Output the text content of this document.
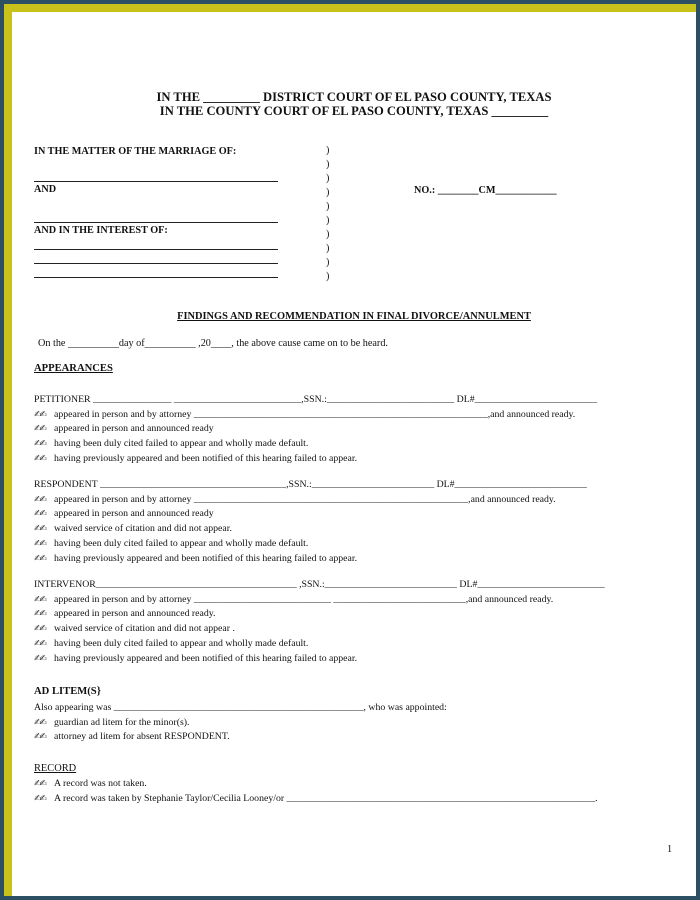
IN THE _________ DISTRICT COURT OF EL PASO COUNTY, TEXAS
IN THE COUNTY COURT OF EL PASO COUNTY, TEXAS _________
IN THE MATTER OF THE MARRIAGE OF:
AND
AND IN THE INTEREST OF:
)
)
)
)
)
)
)
)
)
)
NO.: ________CM____________
FINDINGS AND RECOMMENDATION IN FINAL DIVORCE/ANNULMENT
On the __________day of__________ ,20____, the above cause came on to be heard.
APPEARANCES
PETITIONER ________________ __________________________,SSN.:__________________________ DL#_________________________
✍✍ appeared in person and by attorney ____________________________________________________________,and announced ready.
✍✍ appeared in person and announced ready
✍✍ having been duly cited failed to appear and wholly made default.
✍✍ having previously appeared and been notified of this hearing failed to appear.
RESPONDENT ______________________________________,SSN.:_________________________ DL#___________________________
✍✍ appeared in person and by attorney ________________________________________________________,and announced ready.
✍✍ appeared in person and announced ready
✍✍ waived service of citation and did not appear.
✍✍ having been duly cited failed to appear and wholly made default.
✍✍ having previously appeared and been notified of this hearing failed to appear.
INTERVENOR_________________________________________ ,SSN.:___________________________ DL#__________________________
✍✍ appeared in person and by attorney ____________________________ ___________________________,and announced ready.
✍✍ appeared in person and announced ready.
✍✍ waived service of citation and did not appear .
✍✍ having been duly cited failed to appear and wholly made default.
✍✍ having previously appeared and been notified of this hearing failed to appear.
AD LITEM(S}
Also appearing was ___________________________________________________, who was appointed:
✍✍ guardian ad litem for the minor(s).
✍✍ attorney ad litem for absent RESPONDENT.
RECORD
✍✍ A record was not taken.
✍✍ A record was taken by Stephanie Taylor/Cecilia Looney/or _______________________________________________________________.
1
